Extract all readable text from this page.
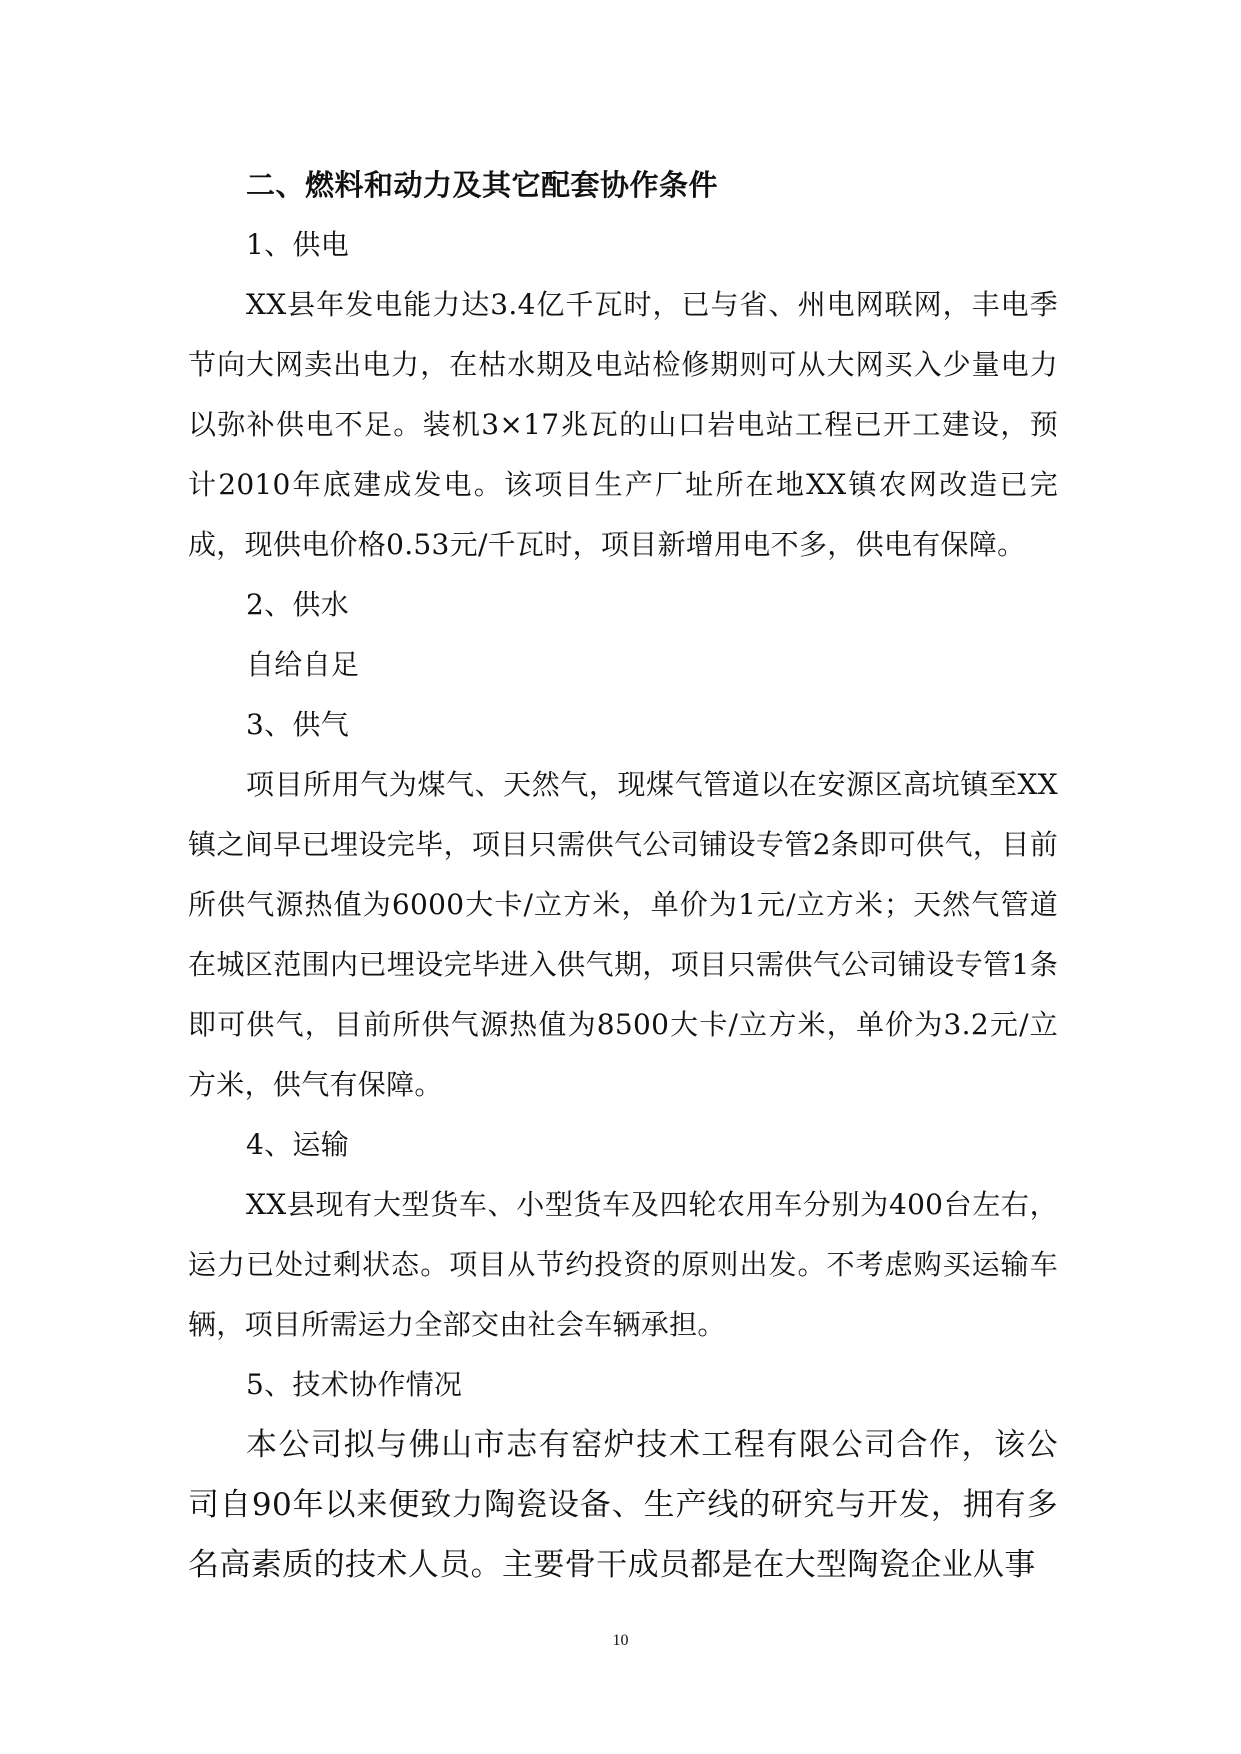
二、燃料和动力及其它配套协作条件

1、供电

XX县年发电能力达3.4亿千瓦时，已与省、州电网联网，丰电季节向大网卖出电力，在枯水期及电站检修期则可从大网买入少量电力以弥补供电不足。装机3×17兆瓦的山口岩电站工程已开工建设，预计2010年底建成发电。该项目生产厂址所在地XX镇农网改造已完成，现供电价格0.53元/千瓦时，项目新增用电不多，供电有保障。

2、供水

自给自足

3、供气

项目所用气为煤气、天然气，现煤气管道以在安源区高坑镇至XX镇之间早已埋设完毕，项目只需供气公司铺设专管2条即可供气，目前所供气源热值为6000大卡/立方米，单价为1元/立方米；天然气管道在城区范围内已埋设完毕进入供气期，项目只需供气公司铺设专管1条即可供气，目前所供气源热值为8500大卡/立方米，单价为3.2元/立方米，供气有保障。

4、运输

XX县现有大型货车、小型货车及四轮农用车分别为400台左右，运力已处过剩状态。项目从节约投资的原则出发。不考虑购买运输车辆，项目所需运力全部交由社会车辆承担。

5、技术协作情况

本公司拟与佛山市志有窑炉技术工程有限公司合作，该公司自90年以来便致力陶瓷设备、生产线的研究与开发，拥有多名高素质的技术人员。主要骨干成员都是在大型陶瓷企业从事

10
